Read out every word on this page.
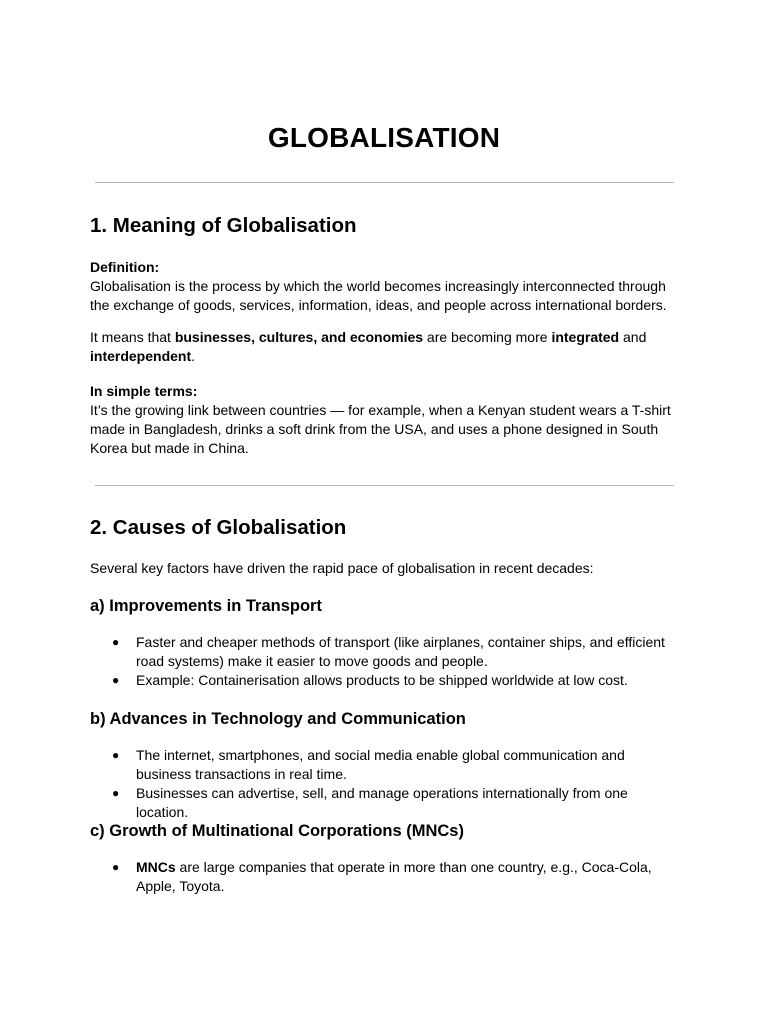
GLOBALISATION
1. Meaning of Globalisation

Definition:
Globalisation is the process by which the world becomes increasingly interconnected through the exchange of goods, services, information, ideas, and people across international borders.

It means that businesses, cultures, and economies are becoming more integrated and interdependent.

In simple terms:
It’s the growing link between countries — for example, when a Kenyan student wears a T-shirt made in Bangladesh, drinks a soft drink from the USA, and uses a phone designed in South Korea but made in China.

2. Causes of Globalisation

Several key factors have driven the rapid pace of globalisation in recent decades:

a) Improvements in Transport
● Faster and cheaper methods of transport (like airplanes, container ships, and efficient road systems) make it easier to move goods and people.
● Example: Containerisation allows products to be shipped worldwide at low cost.
b) Advances in Technology and Communication
● The internet, smartphones, and social media enable global communication and business transactions in real time.
● Businesses can advertise, sell, and manage operations internationally from one location.
c) Growth of Multinational Corporations (MNCs)
● MNCs are large companies that operate in more than one country, e.g., Coca-Cola, Apple, Toyota.
